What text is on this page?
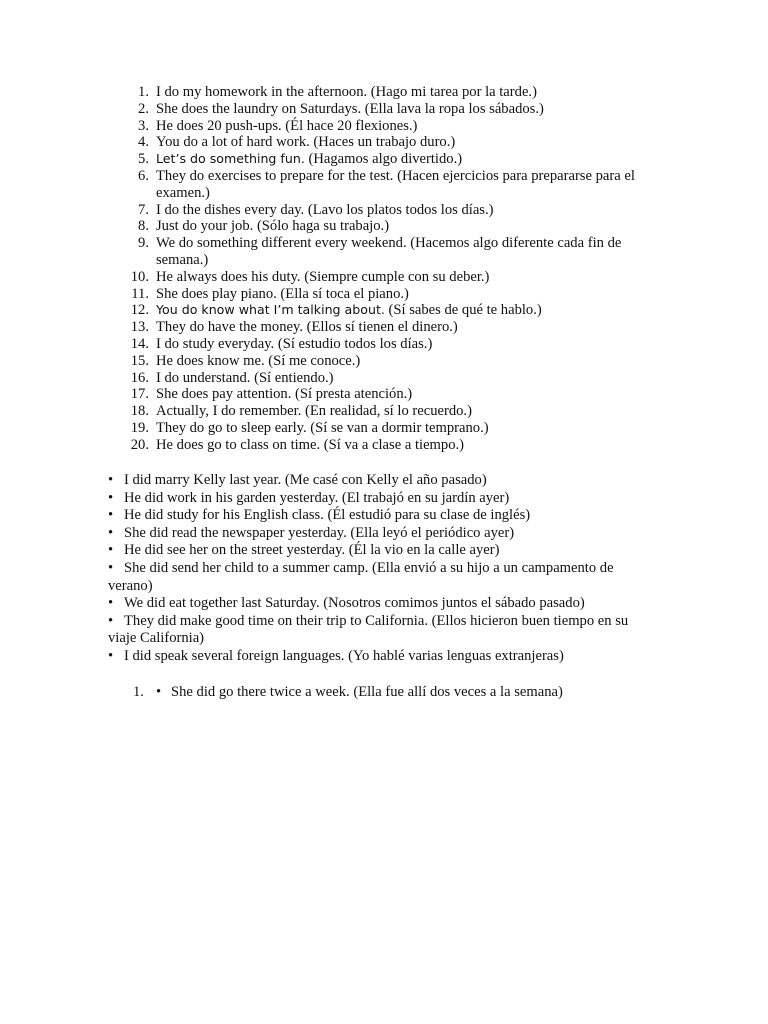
1. I do my homework in the afternoon. (Hago mi tarea por la tarde.)
2. She does the laundry on Saturdays. (Ella lava la ropa los sábados.)
3. He does 20 push-ups. (Él hace 20 flexiones.)
4. You do a lot of hard work. (Haces un trabajo duro.)
5. Let’s do something fun. (Hagamos algo divertido.)
6. They do exercises to prepare for the test. (Hacen ejercicios para prepararse para el examen.)
7. I do the dishes every day. (Lavo los platos todos los días.)
8. Just do your job. (Sólo haga su trabajo.)
9. We do something different every weekend. (Hacemos algo diferente cada fin de semana.)
10. He always does his duty. (Siempre cumple con su deber.)
11. She does play piano. (Ella sí toca el piano.)
12. You do know what I’m talking about. (Sí sabes de qué te hablo.)
13. They do have the money. (Ellos sí tienen el dinero.)
14. I do study everyday. (Sí estudio todos los días.)
15. He does know me. (Sí me conoce.)
16. I do understand. (Sí entiendo.)
17. She does pay attention. (Sí presta atención.)
18. Actually, I do remember. (En realidad, sí lo recuerdo.)
19. They do go to sleep early. (Sí se van a dormir temprano.)
20. He does go to class on time. (Sí va a clase a tiempo.)
• I did marry Kelly last year. (Me casé con Kelly el año pasado)
• He did work in his garden yesterday. (El trabajó en su jardín ayer)
• He did study for his English class. (Él estudió para su clase de inglés)
• She did read the newspaper yesterday. (Ella leyó el periódico ayer)
• He did see her on the street yesterday. (Él la vio en la calle ayer)
• She did send her child to a summer camp. (Ella envió a su hijo a un campamento de verano)
• We did eat together last Saturday. (Nosotros comimos juntos el sábado pasado)
• They did make good time on their trip to California. (Ellos hicieron buen tiempo en su viaje California)
• I did speak several foreign languages. (Yo hablé varias lenguas extranjeras)
1. • She did go there twice a week. (Ella fue allí dos veces a la semana)
